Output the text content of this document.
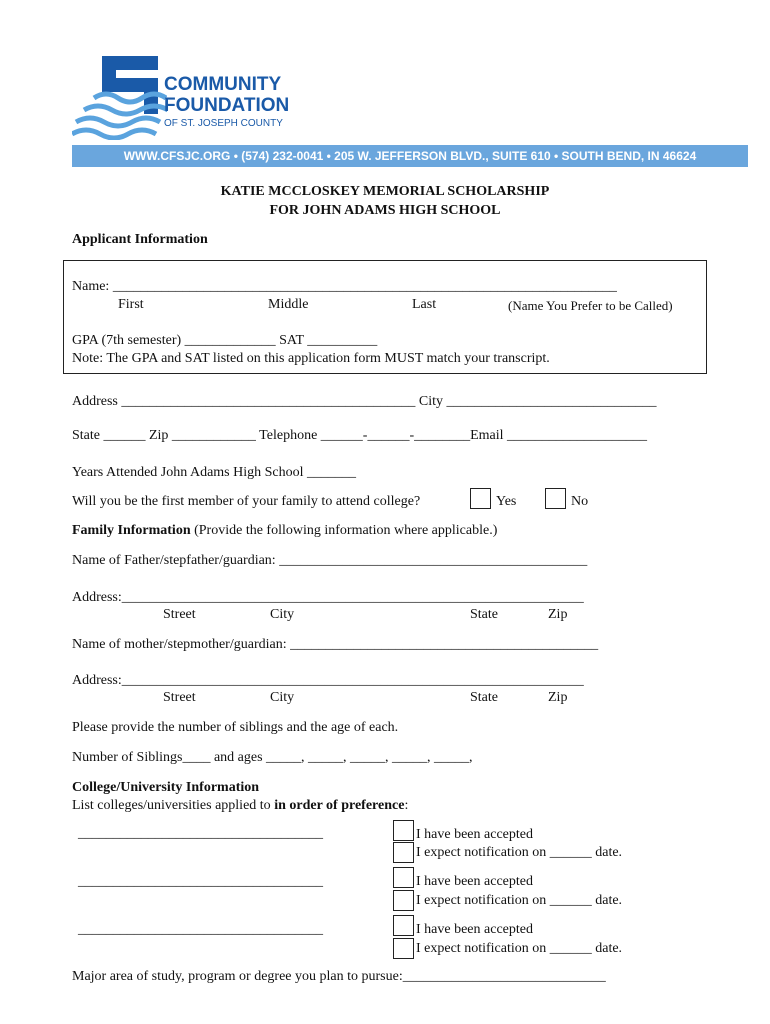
COMMUNITY
FOUNDATION
OF ST. JOSEPH COUNTY
WWW.CFSJC.ORG • (574) 232-0041 • 205 W. JEFFERSON BLVD., SUITE 610 • SOUTH BEND, IN 46624
KATIE MCCLOSKEY MEMORIAL SCHOLARSHIP
FOR JOHN ADAMS HIGH SCHOOL
Applicant Information
Name: ________________________________________________________________________
First	Middle	Last	(Name You Prefer to be Called)
GPA (7th semester) _____________ SAT __________
Note: The GPA and SAT listed on this application form MUST match your transcript.
Address __________________________________________ City ______________________________
State ______ Zip ____________ Telephone ______-______-________Email ____________________
Years Attended John Adams High School _______
Will you be the first member of your family to attend college?	Yes	No
Family Information (Provide the following information where applicable.)
Name of Father/stepfather/guardian: ____________________________________________
Address:__________________________________________________________________
Street	City	State	Zip
Name of mother/stepmother/guardian: ____________________________________________
Address:__________________________________________________________________
Street	City	State	Zip
Please provide the number of siblings and the age of each.
Number of Siblings____ and ages _____, _____, _____, _____, _____,
College/University Information
List colleges/universities applied to in order of preference:
___________________________________	I have been accepted
I expect notification on ______ date.
___________________________________	I have been accepted
I expect notification on ______ date.
___________________________________	I have been accepted
I expect notification on ______ date.
Major area of study, program or degree you plan to pursue:_____________________________
